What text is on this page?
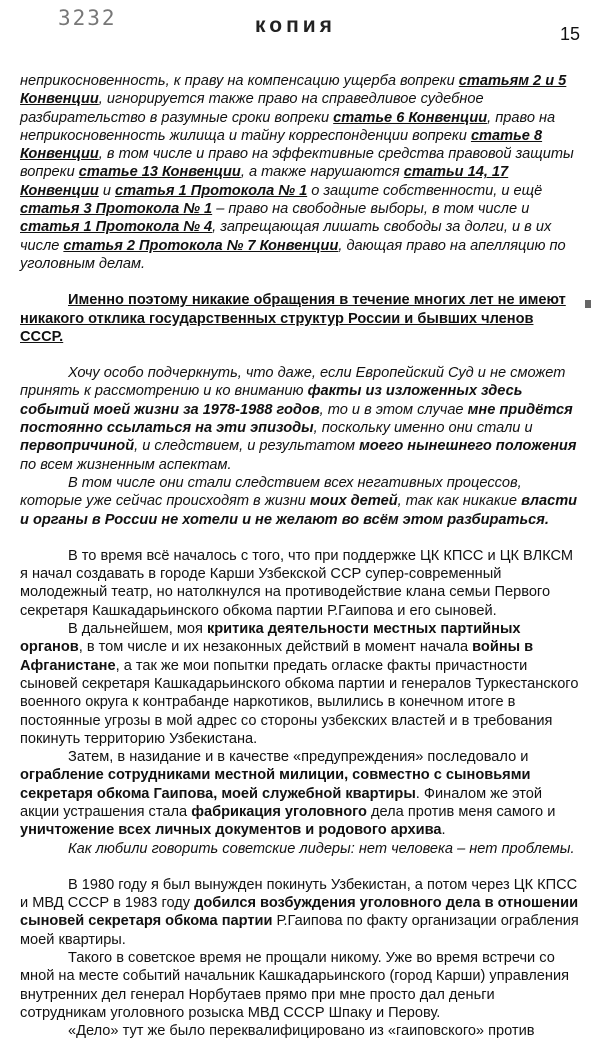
3232	копия	15

неприкосновенность, к праву на компенсацию ущерба вопреки статьям 2 и 5 Конвенции, игнорируется также право на справедливое судебное разбирательство в разумные сроки вопреки статье 6 Конвенции, право на неприкосновенность жилища и тайну корреспонденции вопреки статье 8 Конвенции, в том числе и право на эффективные средства правовой защиты вопреки статье 13 Конвенции, а также нарушаются статьи 14, 17 Конвенции и статья 1 Протокола № 1 о защите собственности, и ещё статья 3 Протокола № 1 – право на свободные выборы, в том числе и статья 1 Протокола № 4, запрещающая лишать свободы за долги, и в их числе статья 2 Протокола № 7 Конвенции, дающая право на апелляцию по уголовным делам.

Именно поэтому никакие обращения в течение многих лет не имеют никакого отклика государственных структур России и бывших членов СССР.

Хочу особо подчеркнуть, что даже, если Европейский Суд и не сможет принять к рассмотрению и ко вниманию факты из изложенных здесь событий моей жизни за 1978-1988 годов, то и в этом случае мне придётся постоянно ссылаться на эти эпизоды, поскольку именно они стали и первопричиной, и следствием, и результатом моего нынешнего положения по всем жизненным аспектам.

В том числе они стали следствием всех негативных процессов, которые уже сейчас происходят в жизни моих детей, так как никакие власти и органы в России не хотели и не желают во всём этом разбираться.

В то время всё началось с того, что при поддержке ЦК КПСС и ЦК ВЛКСМ я начал создавать в городе Карши Узбекской ССР супер-современный молодежный театр, но натолкнулся на противодействие клана семьи Первого секретаря Кашкадарьинского обкома партии Р.Гаипова и его сыновей.

В дальнейшем, моя критика деятельности местных партийных органов, в том числе и их незаконных действий в момент начала войны в Афганистане, а так же мои попытки предать огласке факты причастности сыновей секретаря Кашкадарьинского обкома партии и генералов Туркестанского военного округа к контрабанде наркотиков, вылились в конечном итоге в постоянные угрозы в мой адрес со стороны узбекских властей и в требования покинуть территорию Узбекистана.

Затем, в назидание и в качестве «предупреждения» последовало и ограбление сотрудниками местной милиции, совместно с сыновьями секретаря обкома Гаипова, моей служебной квартиры. Финалом же этой акции устрашения стала фабрикация уголовного дела против меня самого и уничтожение всех личных документов и родового архива.

Как любили говорить советские лидеры: нет человека – нет проблемы.

В 1980 году я был вынужден покинуть Узбекистан, а потом через ЦК КПСС и МВД СССР в 1983 году добился возбуждения уголовного дела в отношении сыновей секретаря обкома партии Р.Гаипова по факту организации ограбления моей квартиры.

Такого в советское время не прощали никому. Уже во время встречи со мной на месте событий начальник Кашкадарьинского (город Карши) управления внутренних дел генерал Норбутаев прямо при мне просто дал деньги сотрудникам уголовного розыска МВД СССР Шпаку и Перову.

«Дело» тут же было переквалифицировано из «гаиповского» против
